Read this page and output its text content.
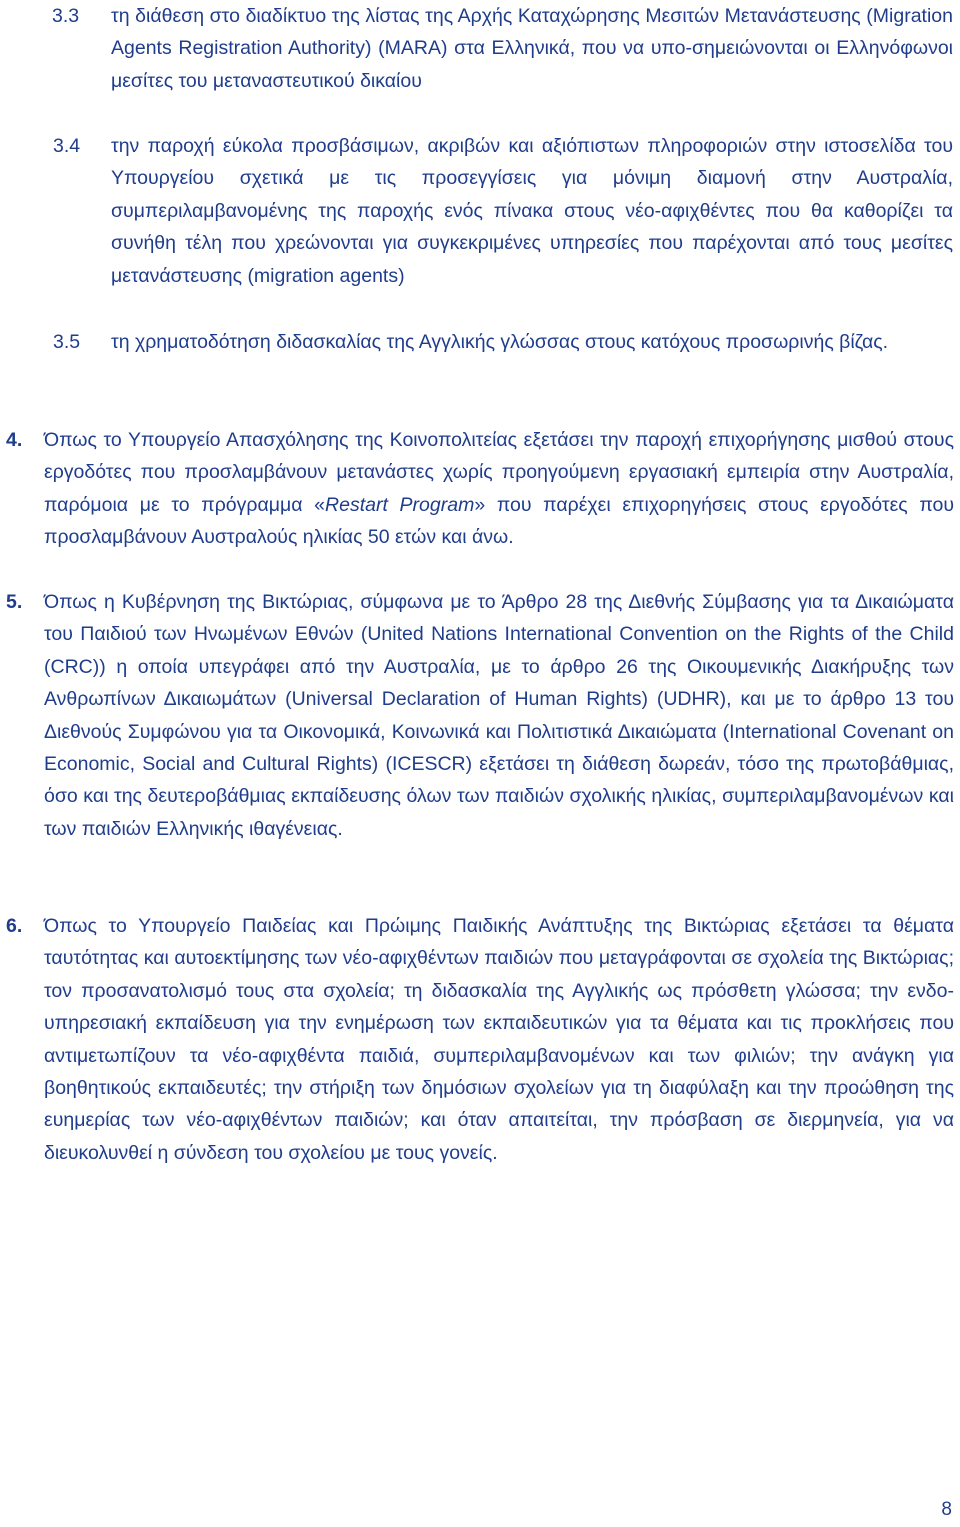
3.3 τη διάθεση στο διαδίκτυο της λίστας της Αρχής Καταχώρησης Μεσιτών Μετανάστευσης (Migration Agents Registration Authority) (MARA) στα Ελληνικά, που να υπο-σημειώνονται οι Ελληνόφωνοι μεσίτες του μεταναστευτικού δικαίου
3.4 την παροχή εύκολα προσβάσιμων, ακριβών και αξιόπιστων πληροφοριών στην ιστοσελίδα του Υπουργείου σχετικά με τις προσεγγίσεις για μόνιμη διαμονή στην Αυστραλία, συμπεριλαμβανομένης της παροχής ενός πίνακα στους νέο-αφιχθέντες που θα καθορίζει τα συνήθη τέλη που χρεώνονται για συγκεκριμένες υπηρεσίες που παρέχονται από τους μεσίτες μετανάστευσης (migration agents)
3.5 τη χρηματοδότηση διδασκαλίας της Αγγλικής γλώσσας στους κατόχους προσωρινής βίζας.
4. Όπως το Υπουργείο Απασχόλησης της Κοινοπολιτείας εξετάσει την παροχή επιχορήγησης μισθού στους εργοδότες που προσλαμβάνουν μετανάστες χωρίς προηγούμενη εργασιακή εμπειρία στην Αυστραλία, παρόμοια με το πρόγραμμα «Restart Program» που παρέχει επιχορηγήσεις στους εργοδότες που προσλαμβάνουν Αυστραλούς ηλικίας 50 ετών και άνω.
5. Όπως η Κυβέρνηση της Βικτώριας, σύμφωνα με το Άρθρο 28 της Διεθνής Σύμβασης για τα Δικαιώματα του Παιδιού των Ηνωμένων Εθνών (United Nations International Convention on the Rights of the Child (CRC)) η οποία υπεγράφει από την Αυστραλία, με το άρθρο 26 της Οικουμενικής Διακήρυξης των Ανθρωπίνων Δικαιωμάτων (Universal Declaration of Human Rights) (UDHR), και με το άρθρο 13 του Διεθνούς Συμφώνου για τα Οικονομικά, Κοινωνικά και Πολιτιστικά Δικαιώματα (International Covenant on Economic, Social and Cultural Rights) (ICESCR) εξετάσει τη διάθεση δωρεάν, τόσο της πρωτοβάθμιας, όσο και της δευτεροβάθμιας εκπαίδευσης όλων των παιδιών σχολικής ηλικίας, συμπεριλαμβανομένων και των παιδιών Ελληνικής ιθαγένειας.
6. Όπως το Υπουργείο Παιδείας και Πρώιμης Παιδικής Ανάπτυξης της Βικτώριας εξετάσει τα θέματα ταυτότητας και αυτοεκτίμησης των νέο-αφιχθέντων παιδιών που μεταγράφονται σε σχολεία της Βικτώριας; τον προσανατολισμό τους στα σχολεία; τη διδασκαλία της Αγγλικής ως πρόσθετη γλώσσα; την ενδο-υπηρεσιακή εκπαίδευση για την ενημέρωση των εκπαιδευτικών για τα θέματα και τις προκλήσεις που αντιμετωπίζουν τα νέο-αφιχθέντα παιδιά, συμπεριλαμβανομένων και των φιλιών; την ανάγκη για βοηθητικούς εκπαιδευτές; την στήριξη των δημόσιων σχολείων για τη διαφύλαξη και την προώθηση της ευημερίας των νέο-αφιχθέντων παιδιών; και όταν απαιτείται, την πρόσβαση σε διερμηνεία, για να διευκολυνθεί η σύνδεση του σχολείου με τους γονείς.
8
